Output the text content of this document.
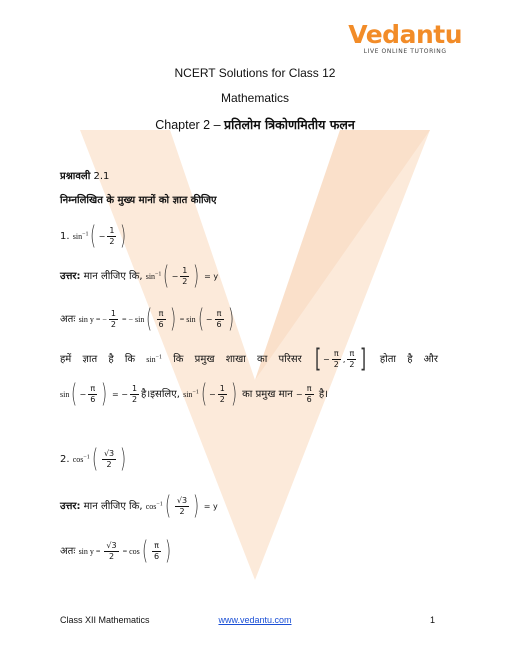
Vedantu
LIVE ONLINE TUTORING
NCERT Solutions for Class 12
Mathematics
Chapter 2 – प्रतिलोम त्रिकोणमितीय फलन
प्रश्नावली 2.1
निम्नलिखित के मुख्य मानों को ज्ञात कीजिए
1. $\sin^{-1}( - \frac{1}{2}$ )
उत्तर: मान लीजिए कि, $\sin^{-1}( - \frac{1}{2}$ ) = y
अतः sin y = − $\frac{1}{2}$ = − $\sin( \frac{\pi}{6}$ ) = $\sin( - \frac{\pi}{6}$ )
हमें ज्ञात है कि $\sin^{-1}$ कि प्रमुख शाखा का परिसर [ − $\frac{\pi}{2}$ , $\frac{\pi}{2}$ ] होता है और
$\sin( - \frac{\pi}{6}$ ) = − $\frac{1}{2}$ है।इसलिए, $\sin^{-1}( - \frac{1}{2}$ ) का प्रमुख मान − $\frac{\pi}{6}$ है।
2. $\cos^{-1}( \frac{√3}{2}$ )
उत्तर: मान लीजिए कि, $\cos^{-1}( \frac{√3}{2}$ ) = y
अतः $\sin y = \frac{√3}{2} = \cos( \frac{\pi}{6}$ )
Class XII Mathematics	www.vedantu.com	1
